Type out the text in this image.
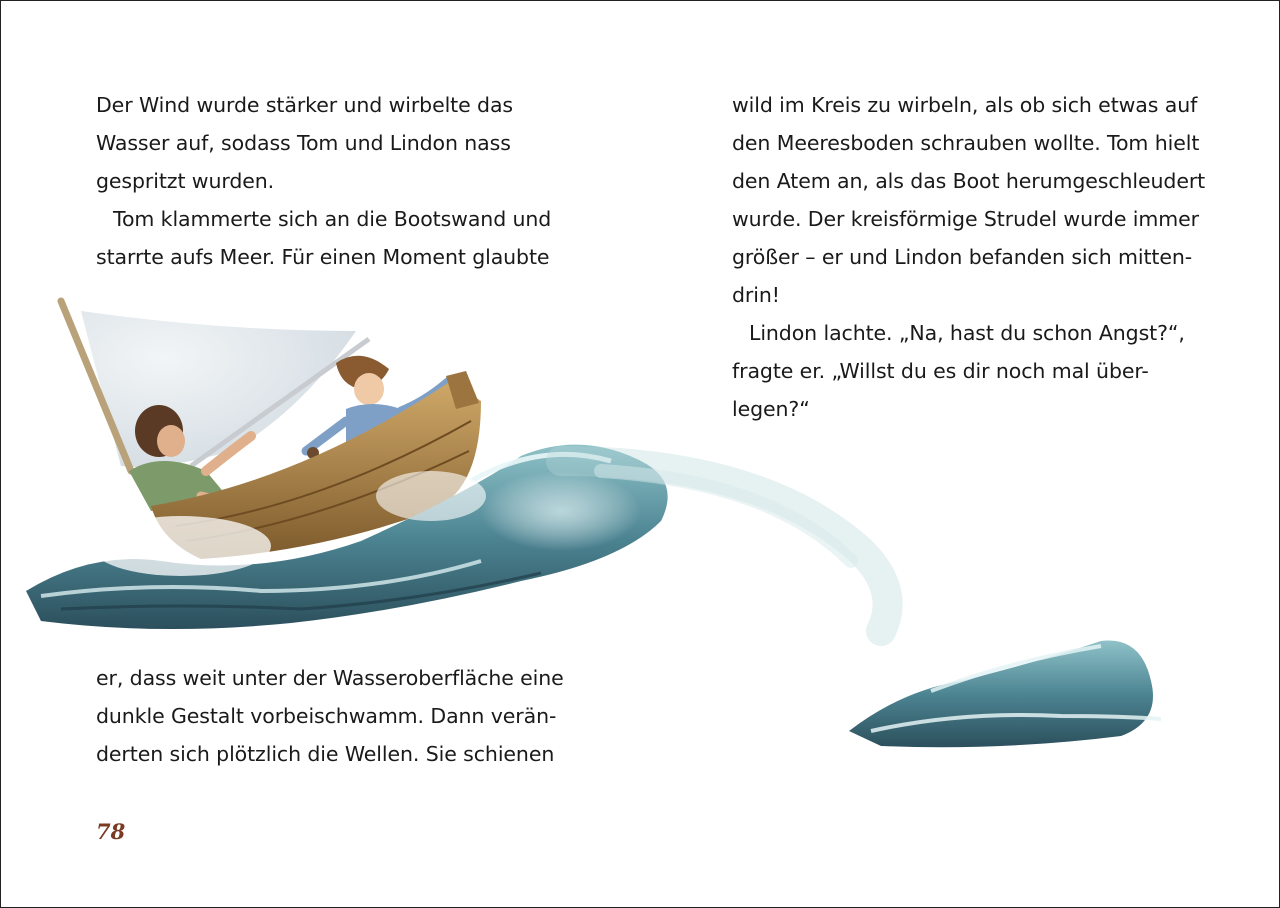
Der Wind wurde stärker und wirbelte das
Wasser auf, sodass Tom und Lindon nass
gespritzt wurden.
Tom klammerte sich an die Bootswand und
starrte aufs Meer. Für einen Moment glaubte
er, dass weit unter der Wasseroberfläche eine
dunkle Gestalt vorbeischwamm. Dann verän-
derten sich plötzlich die Wellen. Sie schienen
wild im Kreis zu wirbeln, als ob sich etwas auf
den Meeresboden schrauben wollte. Tom hielt
den Atem an, als das Boot herumgeschleudert
wurde. Der kreisförmige Strudel wurde immer
größer – er und Lindon befanden sich mitten-
drin!
Lindon lachte. „Na, hast du schon Angst?“,
fragte er. „Willst du es dir noch mal über-
legen?“
78
